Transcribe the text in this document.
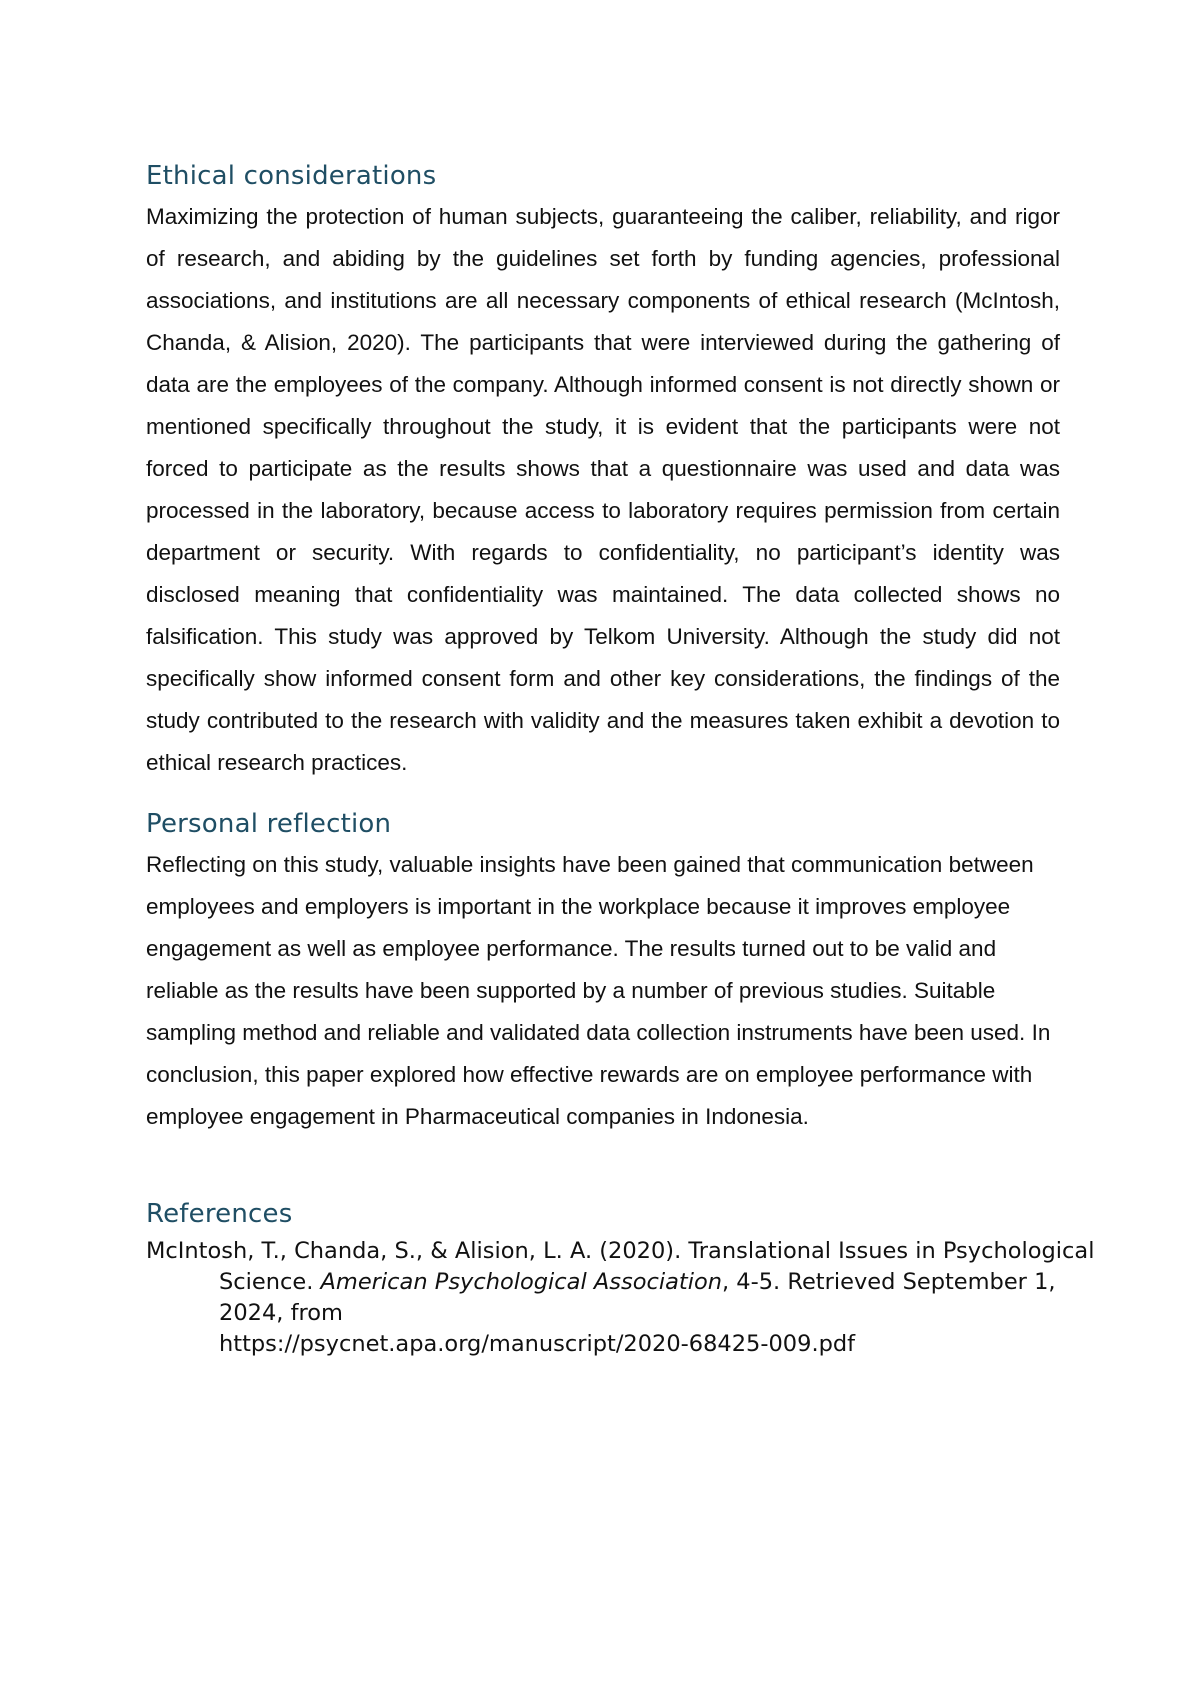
Ethical considerations

Maximizing the protection of human subjects, guaranteeing the caliber, reliability, and rigor of research, and abiding by the guidelines set forth by funding agencies, professional associations, and institutions are all necessary components of ethical research (McIntosh, Chanda, & Alision, 2020). The participants that were interviewed during the gathering of data are the employees of the company. Although informed consent is not directly shown or mentioned specifically throughout the study, it is evident that the participants were not forced to participate as the results shows that a questionnaire was used and data was processed in the laboratory, because access to laboratory requires permission from certain department or security. With regards to confidentiality, no participant’s identity was disclosed meaning that confidentiality was maintained. The data collected shows no falsification. This study was approved by Telkom University. Although the study did not specifically show informed consent form and other key considerations, the findings of the study contributed to the research with validity and the measures taken exhibit a devotion to ethical research practices.

Personal reflection

Reflecting on this study, valuable insights have been gained that communication between employees and employers is important in the workplace because it improves employee engagement as well as employee performance. The results turned out to be valid and reliable as the results have been supported by a number of previous studies. Suitable sampling method and reliable and validated data collection instruments have been used. In conclusion, this paper explored how effective rewards are on employee performance with employee engagement in Pharmaceutical companies in Indonesia.

References

McIntosh, T., Chanda, S., & Alision, L. A. (2020). Translational Issues in Psychological Science. American Psychological Association, 4-5. Retrieved September 1, 2024, from
https://psycnet.apa.org/manuscript/2020-68425-009.pdf
